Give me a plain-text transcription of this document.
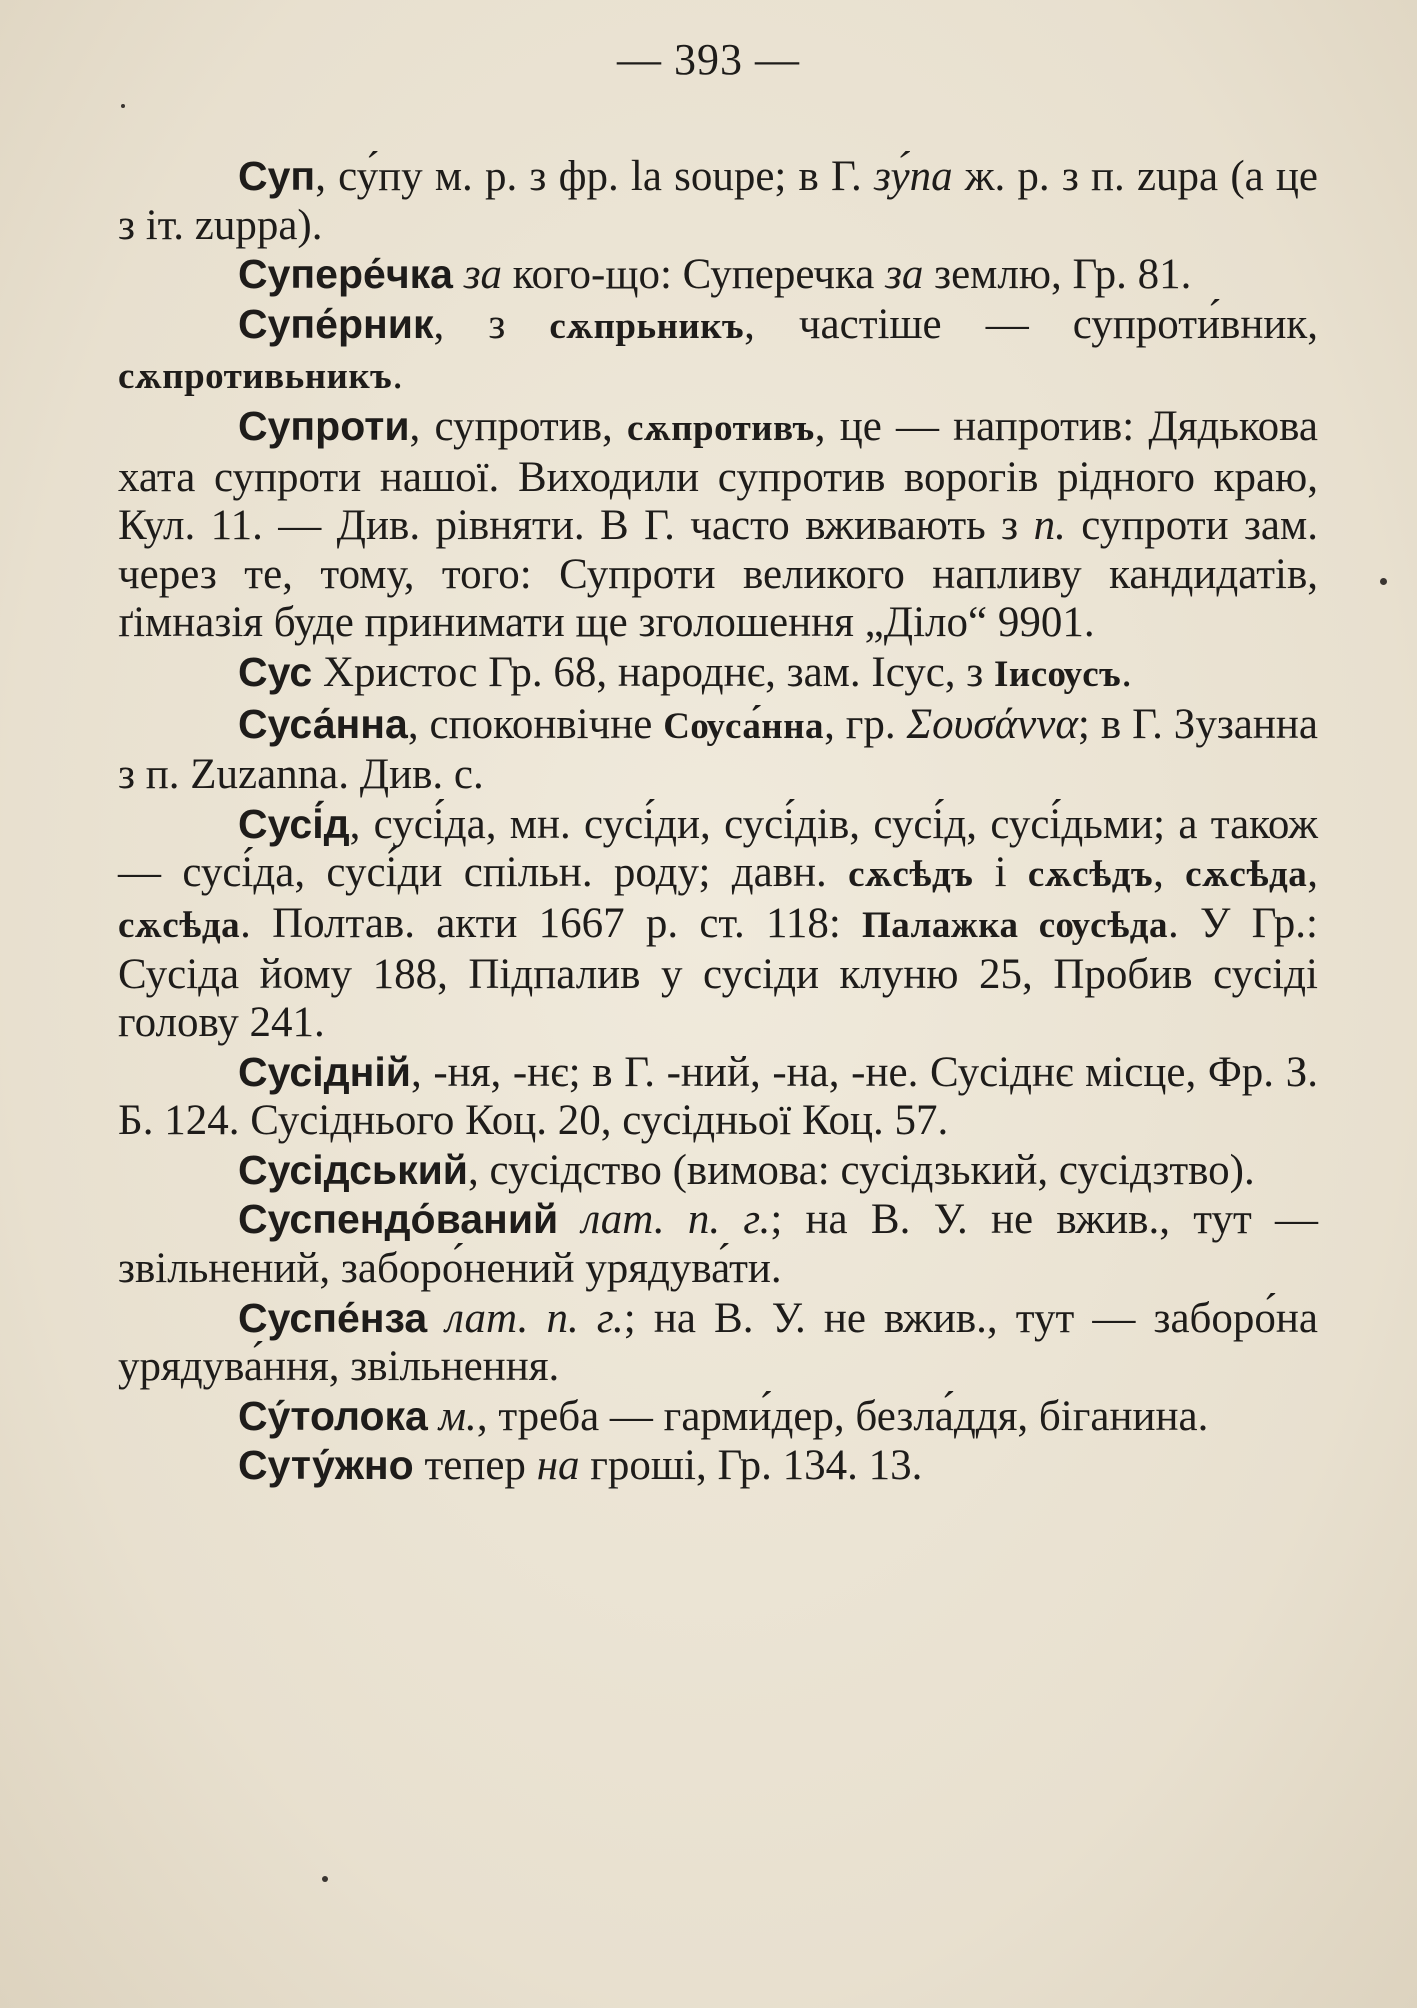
— 393 —

Суп, су́пу м. р. з фр. la soupe; в Г. зу́па ж. р. з п. zupa (а це з іт. zuppa).

Супере́чка за кого-що: Суперечка за землю, Гр. 81.

Супе́рник, з сѫпрьникъ, частіше — супроти́вник, сѫпротивьникъ.

Супроти, супротив, сѫпротивъ, це — напротив: Дядькова хата супроти нашої. Виходили супротив ворогів рідного краю, Кул. 11. — Див. рівняти. В Г. часто вживають з п. супроти зам. через те, тому, того: Супроти великого напливу кандидатів, ґімназія буде принимати ще зголошення „Діло“ 9901.

Сус Христос Гр. 68, народнє, зам. Ісус, з Іисѹсъ.

Суса́нна, споконвічне Сѹса́нна, гр. Σουσάννα; в Г. Зузанна з п. Zuzanna. Див. с.

Сусі́д, сусі́да, мн. сусі́ди, сусі́дів, сусі́д, сусі́дьми; а також — сусі́да, сусі́ди спільн. роду; давн. сѫсѣдъ і сѫсѣдъ, сѫсѣда, сѫсѣда. Полтав. акти 1667 р. ст. 118: Палажка сѹсѣда. У Гр.: Сусіда йому 188, Підпалив у сусіди клуню 25, Пробив сусіді голову 241.

Сусідній, -ня, -нє; в Г. -ний, -на, -не. Сусіднє місце, Фр. З. Б. 124. Сусіднього Коц. 20, сусідньої Коц. 57.

Сусідський, сусідство (вимова: сусідзький, сусідзтво).

Суспендо́ваний лат. п. г.; на В. У. не вжив., тут — звільнений, заборо́нений урядува́ти.

Суспе́нза лат. п. г.; на В. У. не вжив., тут — заборо́на урядува́ння, звільнення.

Су́толока м., треба — гарми́дер, безла́ддя, біганина.

Суту́жно тепер на гроші, Гр. 134. 13.
